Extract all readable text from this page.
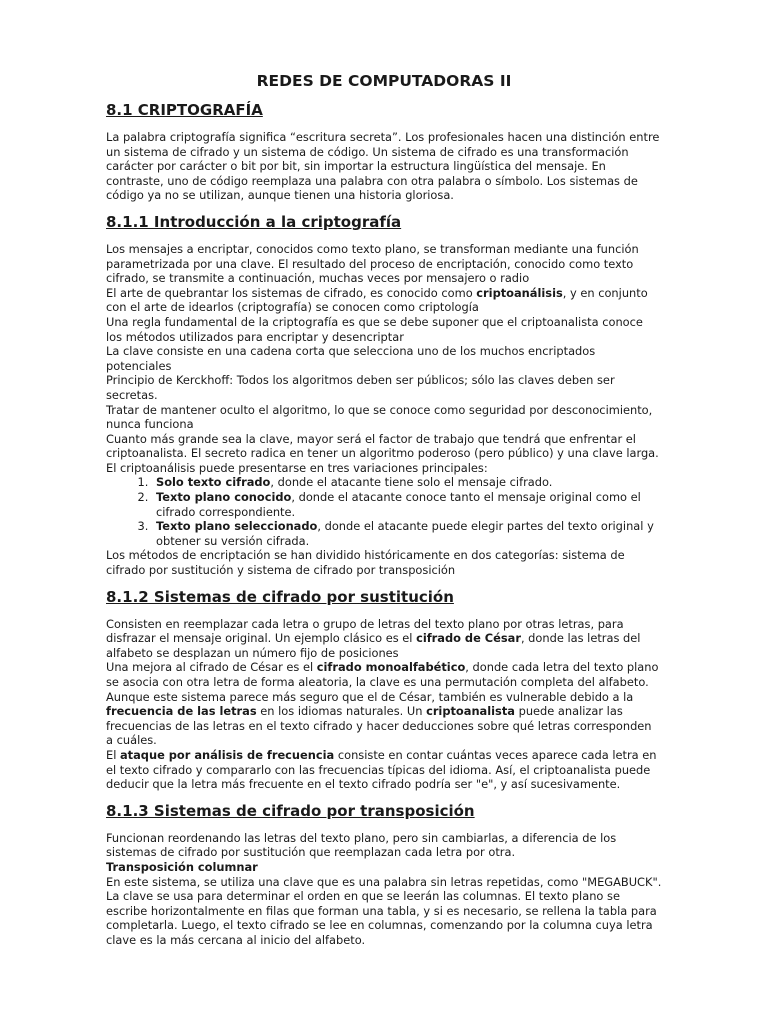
REDES DE COMPUTADORAS II
8.1 CRIPTOGRAFÍA

La palabra criptografía significa “escritura secreta”. Los profesionales hacen una distinción entre un sistema de cifrado y un sistema de código. Un sistema de cifrado es una transformación carácter por carácter o bit por bit, sin importar la estructura lingüística del mensaje. En contraste, uno de código reemplaza una palabra con otra palabra o símbolo. Los sistemas de código ya no se utilizan, aunque tienen una historia gloriosa.

8.1.1 Introducción a la criptografía

Los mensajes a encriptar, conocidos como texto plano, se transforman mediante una función parametrizada por una clave. El resultado del proceso de encriptación, conocido como texto cifrado, se transmite a continuación, muchas veces por mensajero o radio

El arte de quebrantar los sistemas de cifrado, es conocido como criptoanálisis, y en conjunto con el arte de idearlos (criptografía) se conocen como criptología

Una regla fundamental de la criptografía es que se debe suponer que el criptoanalista conoce los métodos utilizados para encriptar y desencriptar

La clave consiste en una cadena corta que selecciona uno de los muchos encriptados potenciales

Principio de Kerckhoff: Todos los algoritmos deben ser públicos; sólo las claves deben ser secretas.

Tratar de mantener oculto el algoritmo, lo que se conoce como seguridad por desconocimiento, nunca funciona

Cuanto más grande sea la clave, mayor será el factor de trabajo que tendrá que enfrentar el criptoanalista. El secreto radica en tener un algoritmo poderoso (pero público) y una clave larga.

El criptoanálisis puede presentarse en tres variaciones principales:

1. Solo texto cifrado, donde el atacante tiene solo el mensaje cifrado.
2. Texto plano conocido, donde el atacante conoce tanto el mensaje original como el cifrado correspondiente.
3. Texto plano seleccionado, donde el atacante puede elegir partes del texto original y obtener su versión cifrada.

Los métodos de encriptación se han dividido históricamente en dos categorías: sistema de cifrado por sustitución y sistema de cifrado por transposición

8.1.2 Sistemas de cifrado por sustitución

Consisten en reemplazar cada letra o grupo de letras del texto plano por otras letras, para disfrazar el mensaje original. Un ejemplo clásico es el cifrado de César, donde las letras del alfabeto se desplazan un número fijo de posiciones

Una mejora al cifrado de César es el cifrado monoalfabético, donde cada letra del texto plano se asocia con otra letra de forma aleatoria, la clave es una permutación completa del alfabeto.

Aunque este sistema parece más seguro que el de César, también es vulnerable debido a la frecuencia de las letras en los idiomas naturales. Un criptoanalista puede analizar las frecuencias de las letras en el texto cifrado y hacer deducciones sobre qué letras corresponden a cuáles.

El ataque por análisis de frecuencia consiste en contar cuántas veces aparece cada letra en el texto cifrado y compararlo con las frecuencias típicas del idioma. Así, el criptoanalista puede deducir que la letra más frecuente en el texto cifrado podría ser "e", y así sucesivamente.

8.1.3 Sistemas de cifrado por transposición

Funcionan reordenando las letras del texto plano, pero sin cambiarlas, a diferencia de los sistemas de cifrado por sustitución que reemplazan cada letra por otra.

Transposición columnar

En este sistema, se utiliza una clave que es una palabra sin letras repetidas, como "MEGABUCK". La clave se usa para determinar el orden en que se leerán las columnas. El texto plano se escribe horizontalmente en filas que forman una tabla, y si es necesario, se rellena la tabla para completarla. Luego, el texto cifrado se lee en columnas, comenzando por la columna cuya letra clave es la más cercana al inicio del alfabeto.
